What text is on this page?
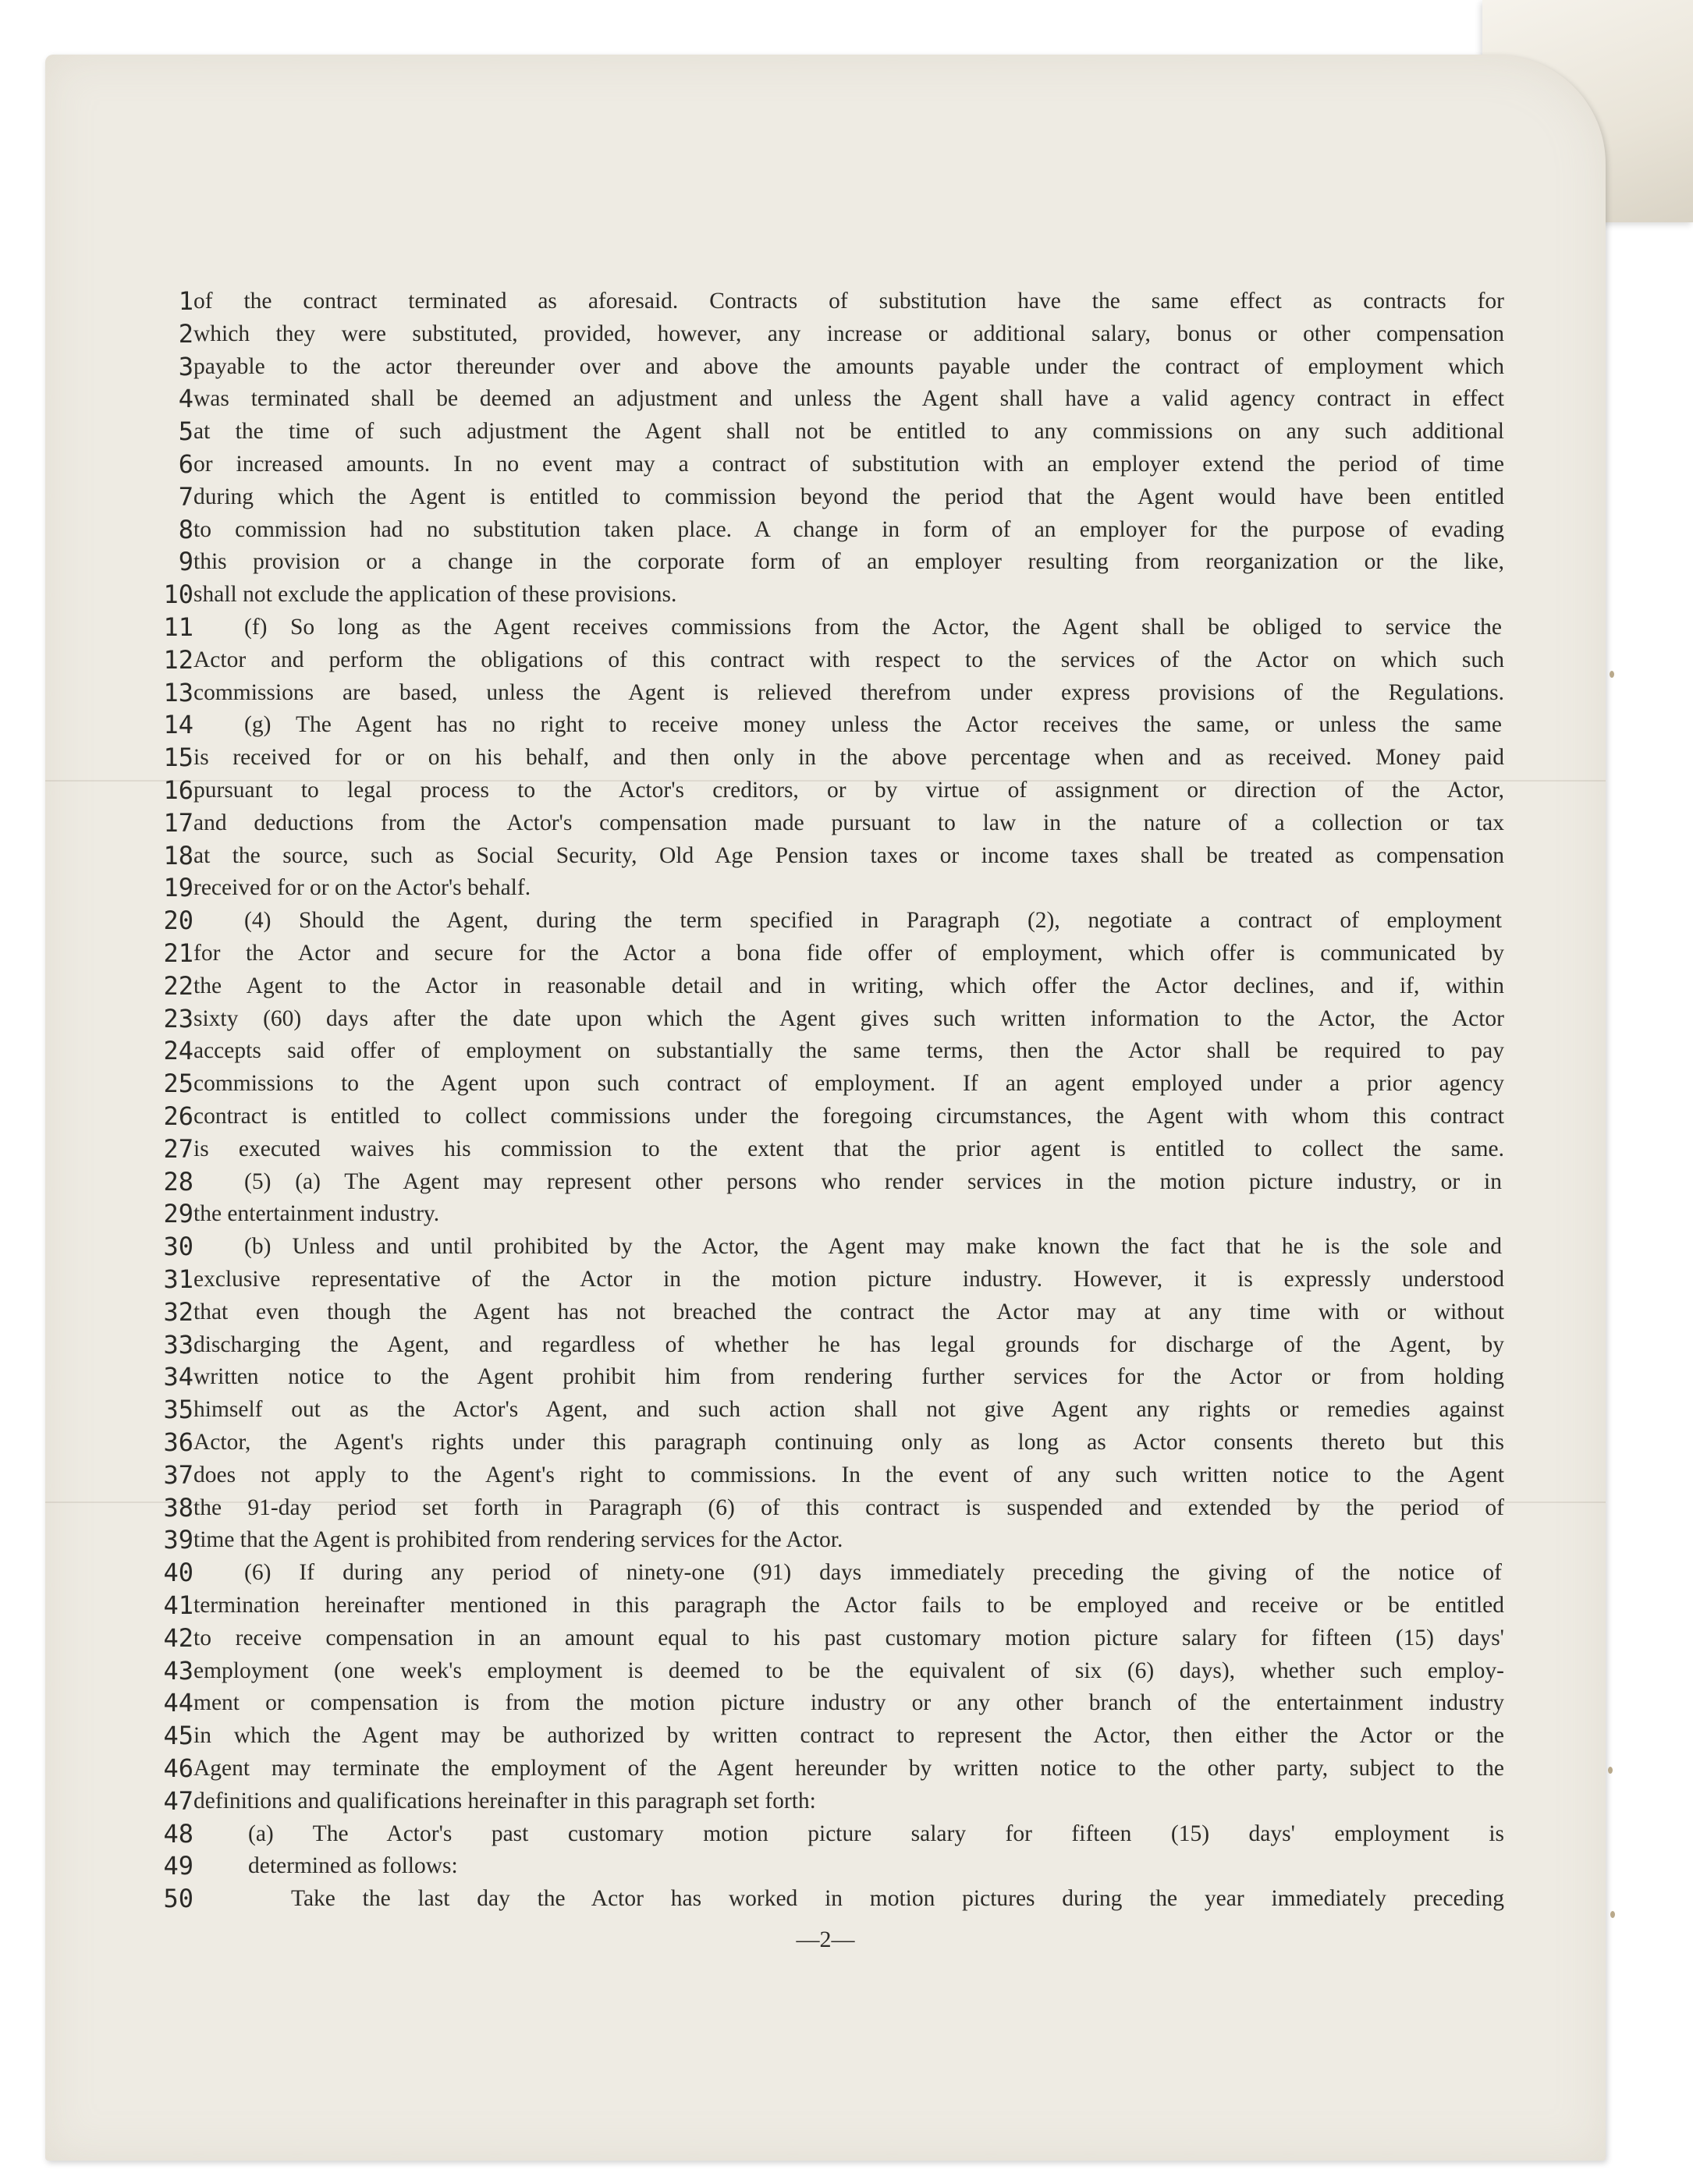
1 of the contract terminated as aforesaid. Contracts of substitution have the same effect as contracts for
2 which they were substituted, provided, however, any increase or additional salary, bonus or other compensation
3 payable to the actor thereunder over and above the amounts payable under the contract of employment which
4 was terminated shall be deemed an adjustment and unless the Agent shall have a valid agency contract in effect
5 at the time of such adjustment the Agent shall not be entitled to any commissions on any such additional
6 or increased amounts. In no event may a contract of substitution with an employer extend the period of time
7 during which the Agent is entitled to commission beyond the period that the Agent would have been entitled
8 to commission had no substitution taken place. A change in form of an employer for the purpose of evading
9 this provision or a change in the corporate form of an employer resulting from reorganization or the like,
10 shall not exclude the application of these provisions.
11 (f) So long as the Agent receives commissions from the Actor, the Agent shall be obliged to service the
12 Actor and perform the obligations of this contract with respect to the services of the Actor on which such
13 commissions are based, unless the Agent is relieved therefrom under express provisions of the Regulations.
14 (g) The Agent has no right to receive money unless the Actor receives the same, or unless the same
15 is received for or on his behalf, and then only in the above percentage when and as received. Money paid
16 pursuant to legal process to the Actor's creditors, or by virtue of assignment or direction of the Actor,
17 and deductions from the Actor's compensation made pursuant to law in the nature of a collection or tax
18 at the source, such as Social Security, Old Age Pension taxes or income taxes shall be treated as compensation
19 received for or on the Actor's behalf.
20 (4) Should the Agent, during the term specified in Paragraph (2), negotiate a contract of employment
21 for the Actor and secure for the Actor a bona fide offer of employment, which offer is communicated by
22 the Agent to the Actor in reasonable detail and in writing, which offer the Actor declines, and if, within
23 sixty (60) days after the date upon which the Agent gives such written information to the Actor, the Actor
24 accepts said offer of employment on substantially the same terms, then the Actor shall be required to pay
25 commissions to the Agent upon such contract of employment. If an agent employed under a prior agency
26 contract is entitled to collect commissions under the foregoing circumstances, the Agent with whom this contract
27 is executed waives his commission to the extent that the prior agent is entitled to collect the same.
28 (5) (a) The Agent may represent other persons who render services in the motion picture industry, or in
29 the entertainment industry.
30 (b) Unless and until prohibited by the Actor, the Agent may make known the fact that he is the sole and
31 exclusive representative of the Actor in the motion picture industry. However, it is expressly understood
32 that even though the Agent has not breached the contract the Actor may at any time with or without
33 discharging the Agent, and regardless of whether he has legal grounds for discharge of the Agent, by
34 written notice to the Agent prohibit him from rendering further services for the Actor or from holding
35 himself out as the Actor's Agent, and such action shall not give Agent any rights or remedies against
36 Actor, the Agent's rights under this paragraph continuing only as long as Actor consents thereto but this
37 does not apply to the Agent's right to commissions. In the event of any such written notice to the Agent
38 the 91-day period set forth in Paragraph (6) of this contract is suspended and extended by the period of
39 time that the Agent is prohibited from rendering services for the Actor.
40 (6) If during any period of ninety-one (91) days immediately preceding the giving of the notice of
41 termination hereinafter mentioned in this paragraph the Actor fails to be employed and receive or be entitled
42 to receive compensation in an amount equal to his past customary motion picture salary for fifteen (15) days'
43 employment (one week's employment is deemed to be the equivalent of six (6) days), whether such employ-
44 ment or compensation is from the motion picture industry or any other branch of the entertainment industry
45 in which the Agent may be authorized by written contract to represent the Actor, then either the Actor or the
46 Agent may terminate the employment of the Agent hereunder by written notice to the other party, subject to the
47 definitions and qualifications hereinafter in this paragraph set forth:
48 (a) The Actor's past customary motion picture salary for fifteen (15) days' employment is
49 determined as follows:
50	Take the last day the Actor has worked in motion pictures during the year immediately preceding
—2—
